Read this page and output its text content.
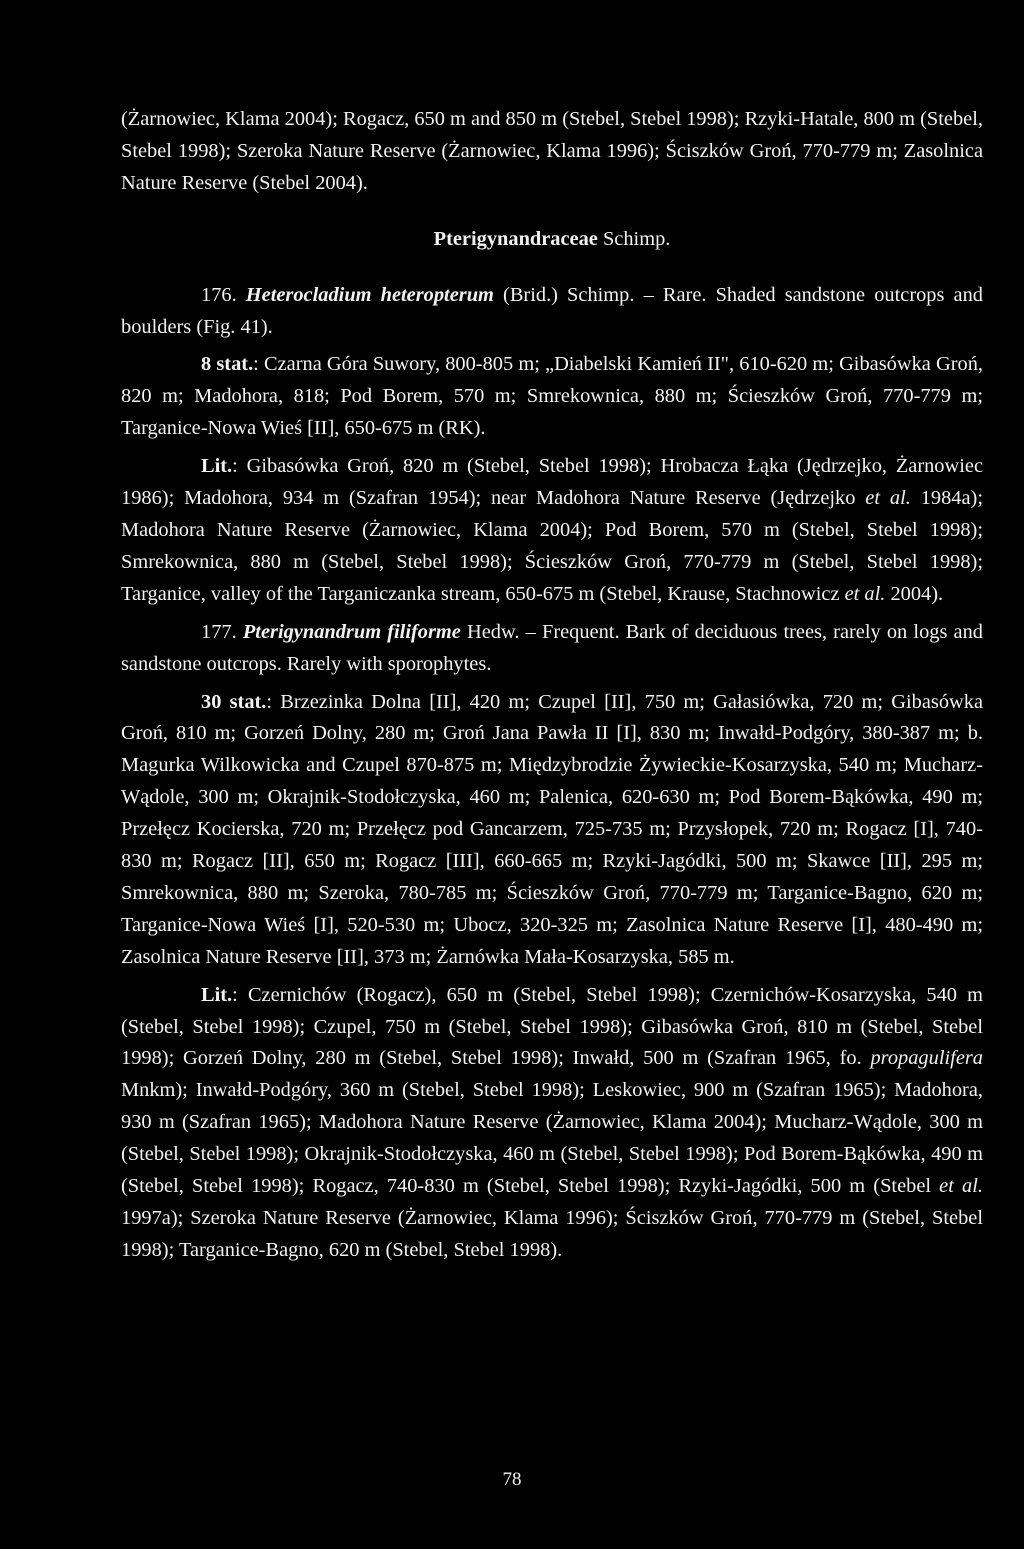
(Żarnowiec, Klama 2004); Rogacz, 650 m and 850 m (Stebel, Stebel 1998); Rzyki-Hatale, 800 m (Stebel, Stebel 1998); Szeroka Nature Reserve (Żarnowiec, Klama 1996); Ściszków Groń, 770-779 m; Zasolnica Nature Reserve (Stebel 2004).

Pterigynandraceae Schimp.

176. Heterocladium heteropterum (Brid.) Schimp. – Rare. Shaded sandstone outcrops and boulders (Fig. 41).

8 stat.: Czarna Góra Suwory, 800-805 m; „Diabelski Kamień II", 610-620 m; Gibasówka Groń, 820 m; Madohora, 818; Pod Borem, 570 m; Smrekownica, 880 m; Ścieszków Groń, 770-779 m; Targanice-Nowa Wieś [II], 650-675 m (RK).

Lit.: Gibasówka Groń, 820 m (Stebel, Stebel 1998); Hrobacza Łąka (Jędrzejko, Żarnowiec 1986); Madohora, 934 m (Szafran 1954); near Madohora Nature Reserve (Jędrzejko et al. 1984a); Madohora Nature Reserve (Żarnowiec, Klama 2004); Pod Borem, 570 m (Stebel, Stebel 1998); Smrekownica, 880 m (Stebel, Stebel 1998); Ścieszków Groń, 770-779 m (Stebel, Stebel 1998); Targanice, valley of the Targaniczanka stream, 650-675 m (Stebel, Krause, Stachnowicz et al. 2004).

177. Pterigynandrum filiforme Hedw. – Frequent. Bark of deciduous trees, rarely on logs and sandstone outcrops. Rarely with sporophytes.

30 stat.: Brzezinka Dolna [II], 420 m; Czupel [II], 750 m; Gałasiówka, 720 m; Gibasówka Groń, 810 m; Gorzeń Dolny, 280 m; Groń Jana Pawła II [I], 830 m; Inwałd-Podgóry, 380-387 m; b. Magurka Wilkowicka and Czupel 870-875 m; Międzybrodzie Żywieckie-Kosarzyska, 540 m; Mucharz-Wądole, 300 m; Okrajnik-Stodołczyska, 460 m; Palenica, 620-630 m; Pod Borem-Bąkówka, 490 m; Przełęcz Kocierska, 720 m; Przełęcz pod Gancarzem, 725-735 m; Przysłopek, 720 m; Rogacz [I], 740-830 m; Rogacz [II], 650 m; Rogacz [III], 660-665 m; Rzyki-Jagódki, 500 m; Skawce [II], 295 m; Smrekownica, 880 m; Szeroka, 780-785 m; Ścieszków Groń, 770-779 m; Targanice-Bagno, 620 m; Targanice-Nowa Wieś [I], 520-530 m; Ubocz, 320-325 m; Zasolnica Nature Reserve [I], 480-490 m; Zasolnica Nature Reserve [II], 373 m; Żarnówka Mała-Kosarzyska, 585 m.

Lit.: Czernichów (Rogacz), 650 m (Stebel, Stebel 1998); Czernichów-Kosarzyska, 540 m (Stebel, Stebel 1998); Czupel, 750 m (Stebel, Stebel 1998); Gibasówka Groń, 810 m (Stebel, Stebel 1998); Gorzeń Dolny, 280 m (Stebel, Stebel 1998); Inwałd, 500 m (Szafran 1965, fo. propagulifera Mnkm); Inwałd-Podgóry, 360 m (Stebel, Stebel 1998); Leskowiec, 900 m (Szafran 1965); Madohora, 930 m (Szafran 1965); Madohora Nature Reserve (Żarnowiec, Klama 2004); Mucharz-Wądole, 300 m (Stebel, Stebel 1998); Okrajnik-Stodołczyska, 460 m (Stebel, Stebel 1998); Pod Borem-Bąkówka, 490 m (Stebel, Stebel 1998); Rogacz, 740-830 m (Stebel, Stebel 1998); Rzyki-Jagódki, 500 m (Stebel et al. 1997a); Szeroka Nature Reserve (Żarnowiec, Klama 1996); Ściszków Groń, 770-779 m (Stebel, Stebel 1998); Targanice-Bagno, 620 m (Stebel, Stebel 1998).

78
